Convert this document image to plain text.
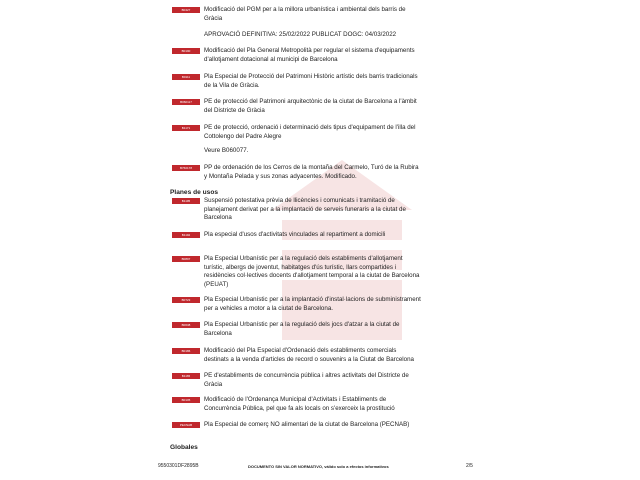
B0427	Modificació del PGM per a la millora urbanística i ambiental dels barris de Gràcia
APROVACIÓ DEFINITIVA: 25/02/2022 PUBLICAT DOGC: 04/03/2022
B0190	Modificació del Pla General Metropolità per regular el sistema d'equipaments d'allotjament dotacional al municipi de Barcelona
B0111	Pla Especial de Protecció del Patrimoni Històric artístic dels barris tradicionals de la Vila de Gràcia.
B060117	PE de protecció del Patrimoni arquitectònic de la ciutat de Barcelona a l'àmbit del Districte de Gràcia
B1171	PE de protecció, ordenació i determinació dels tipus d'equipament de l'illa del Cottolengo del Padre Alegre
Veure B060077.
B760178	PP de ordenación de los Cerros de la montaña del Carmelo, Turó de la Rubira y Montaña Pelada y sus zonas adyacentes. Modificado.
Planes de usos
B1195	Suspensió potestativa prèvia de llicències i comunicats i tramitació de planejament derivat per a la implantació de serveis funeraris a la ciutat de Barcelona
B1192	Pla especial d'usos d'activitats vinculades al repartiment a domicili
B0897	Pla Especial Urbanístic per a la regulació dels establiments d'allotjament turístic, albergs de joventut, habitatges d'ús turístic, llars compartides i residències col·lectives docents d'allotjament temporal a la ciutat de Barcelona (PEUAT)
B0723	Pla Especial Urbanístic per a la implantació d'instal·lacions de subministrament per a vehicles a motor a la ciutat de Barcelona.
B0638	Pla Especial Urbanístic per a la regulació dels jocs d'atzar a la ciutat de Barcelona
B0186	Modificació del Pla Especial d'Ordenació dels establiments comercials destinats a la venda d'articles de record o souvenirs a la Ciutat de Barcelona
B1165	PE d'establiments de concurrència pública i altres activitats del Districte de Gràcia
B0105	Modificació de l'Ordenança Municipal d'Activitats i Establiments de Concurrència Pública, pel que fa als locals on s'exerceix la prostitució
PECNAB	Pla Especial de comerç NO alimentari de la ciutat de Barcelona (PECNAB)
Globales
9550301DF2895B	DOCUMENTO SIN VALOR NORMATIVO, válido solo a efectos informativos	2/5
